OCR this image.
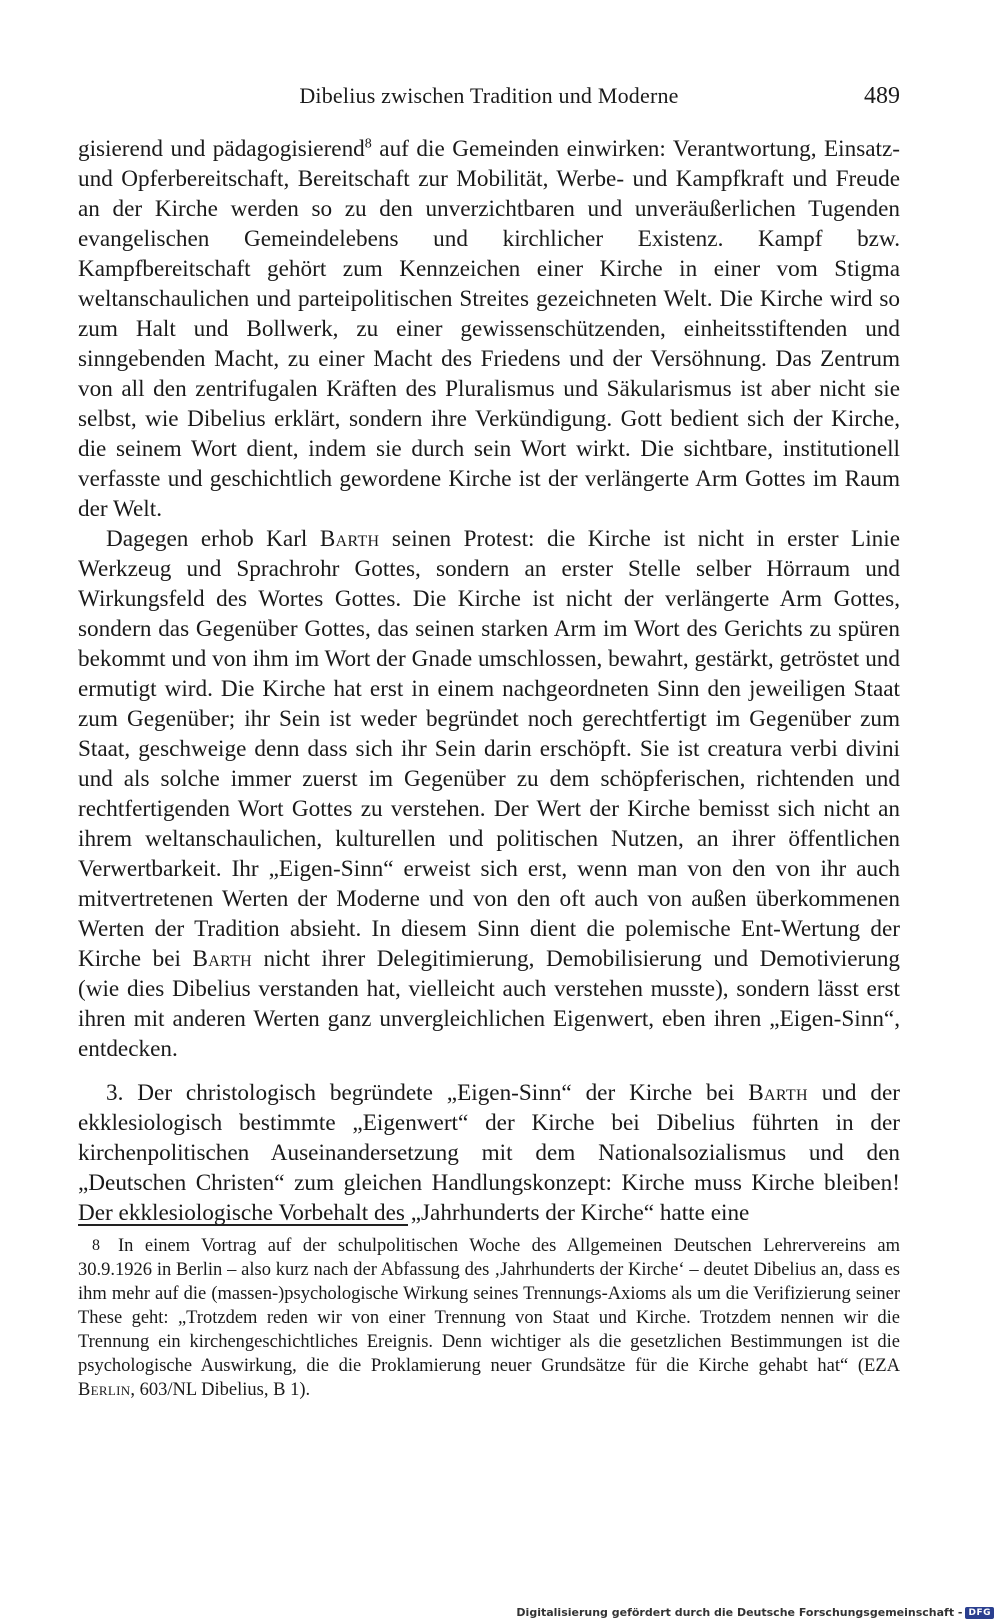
Dibelius zwischen Tradition und Moderne	489

gisierend und pädagogisierend$^8$ auf die Gemeinden einwirken: Verantwortung, Einsatz- und Opferbereitschaft, Bereitschaft zur Mobilität, Werbe- und Kampfkraft und Freude an der Kirche werden so zu den unverzichtbaren und unveräußerlichen Tugenden evangelischen Gemeindelebens und kirchlicher Existenz. Kampf bzw. Kampfbereitschaft gehört zum Kennzeichen einer Kirche in einer vom Stigma weltanschaulichen und parteipolitischen Streites gezeichneten Welt. Die Kirche wird so zum Halt und Bollwerk, zu einer gewissenschützenden, einheitsstiftenden und sinngebenden Macht, zu einer Macht des Friedens und der Versöhnung. Das Zentrum von all den zentrifugalen Kräften des Pluralismus und Säkularismus ist aber nicht sie selbst, wie Dibelius erklärt, sondern ihre Verkündigung. Gott bedient sich der Kirche, die seinem Wort dient, indem sie durch sein Wort wirkt. Die sichtbare, institutionell verfasste und geschichtlich gewordene Kirche ist der verlängerte Arm Gottes im Raum der Welt.

Dagegen erhob Karl Barth seinen Protest: die Kirche ist nicht in erster Linie Werkzeug und Sprachrohr Gottes, sondern an erster Stelle selber Hörraum und Wirkungsfeld des Wortes Gottes. Die Kirche ist nicht der verlängerte Arm Gottes, sondern das Gegenüber Gottes, das seinen starken Arm im Wort des Gerichts zu spüren bekommt und von ihm im Wort der Gnade umschlossen, bewahrt, gestärkt, getröstet und ermutigt wird. Die Kirche hat erst in einem nachgeordneten Sinn den jeweiligen Staat zum Gegenüber; ihr Sein ist weder begründet noch gerechtfertigt im Gegenüber zum Staat, geschweige denn dass sich ihr Sein darin erschöpft. Sie ist creatura verbi divini und als solche immer zuerst im Gegenüber zu dem schöpferischen, richtenden und rechtfertigenden Wort Gottes zu verstehen. Der Wert der Kirche bemisst sich nicht an ihrem weltanschaulichen, kulturellen und politischen Nutzen, an ihrer öffentlichen Verwertbarkeit. Ihr „Eigen-Sinn“ erweist sich erst, wenn man von den von ihr auch mitvertretenen Werten der Moderne und von den oft auch von außen überkommenen Werten der Tradition absieht. In diesem Sinn dient die polemische Ent-Wertung der Kirche bei Barth nicht ihrer Delegitimierung, Demobilisierung und Demotivierung (wie dies Dibelius verstanden hat, vielleicht auch verstehen musste), sondern lässt erst ihren mit anderen Werten ganz unvergleichlichen Eigenwert, eben ihren „Eigen-Sinn“, entdecken.

3. Der christologisch begründete „Eigen-Sinn“ der Kirche bei Barth und der ekklesiologisch bestimmte „Eigenwert“ der Kirche bei Dibelius führten in der kirchenpolitischen Auseinandersetzung mit dem Nationalsozialismus und den „Deutschen Christen“ zum gleichen Handlungskonzept: Kirche muss Kirche bleiben! Der ekklesiologische Vorbehalt des „Jahrhunderts der Kirche“ hatte eine

8 In einem Vortrag auf der schulpolitischen Woche des Allgemeinen Deutschen Lehrervereins am 30.9.1926 in Berlin – also kurz nach der Abfassung des ‚Jahrhunderts der Kirche‘ – deutet Dibelius an, dass es ihm mehr auf die (massen-)psychologische Wirkung seines Trennungs-Axioms als um die Verifizierung seiner These geht: „Trotzdem reden wir von einer Trennung von Staat und Kirche. Trotzdem nennen wir die Trennung ein kirchengeschichtliches Ereignis. Denn wichtiger als die gesetzlichen Bestimmungen ist die psychologische Auswirkung, die die Proklamierung neuer Grundsätze für die Kirche gehabt hat“ (EZA Berlin, 603/NL Dibelius, B 1).
Digitalisierung gefördert durch die Deutsche Forschungsgemeinschaft - DFG
